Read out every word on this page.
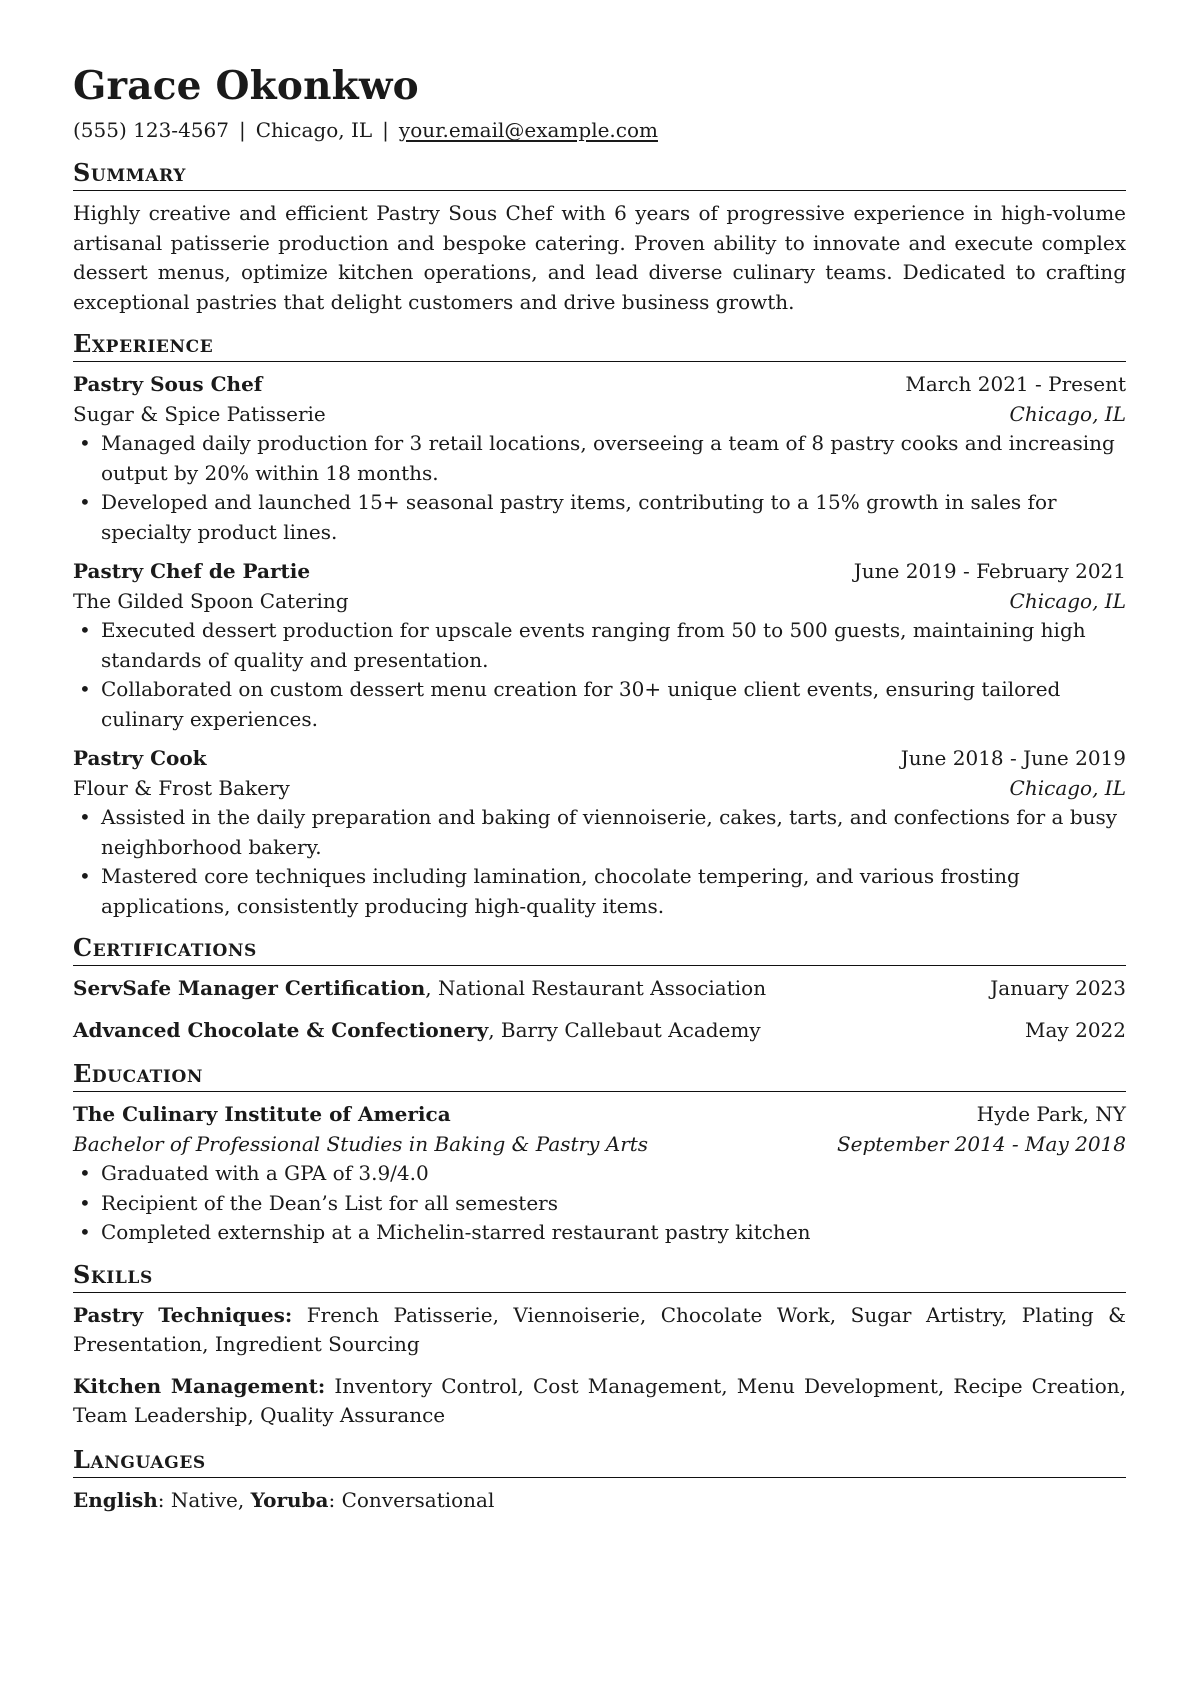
Grace Okonkwo
(555) 123-4567 | Chicago, IL | your.email@example.com
Summary

Highly creative and efficient Pastry Sous Chef with 6 years of progressive experience in high-volume artisanal patisserie production and bespoke catering. Proven ability to innovate and execute complex dessert menus, optimize kitchen operations, and lead diverse culinary teams. Dedicated to crafting exceptional pastries that delight customers and drive business growth.

Experience
Pastry Sous Chef	March 2021 - Present
Sugar & Spice Patisserie	Chicago, IL
• Managed daily production for 3 retail locations, overseeing a team of 8 pastry cooks and increasing output by 20% within 18 months.
• Developed and launched 15+ seasonal pastry items, contributing to a 15% growth in sales for specialty product lines.
Pastry Chef de Partie	June 2019 - February 2021
The Gilded Spoon Catering	Chicago, IL
• Executed dessert production for upscale events ranging from 50 to 500 guests, maintaining high standards of quality and presentation.
• Collaborated on custom dessert menu creation for 30+ unique client events, ensuring tailored culinary experiences.
Pastry Cook	June 2018 - June 2019
Flour & Frost Bakery	Chicago, IL
• Assisted in the daily preparation and baking of viennoiserie, cakes, tarts, and confections for a busy neighborhood bakery.
• Mastered core techniques including lamination, chocolate tempering, and various frosting applications, consistently producing high-quality items.
Certifications
ServSafe Manager Certification, National Restaurant Association	January 2023
Advanced Chocolate & Confectionery, Barry Callebaut Academy	May 2022
Education
The Culinary Institute of America	Hyde Park, NY
Bachelor of Professional Studies in Baking & Pastry Arts	September 2014 - May 2018
• Graduated with a GPA of 3.9/4.0
• Recipient of the Dean’s List for all semesters
• Completed externship at a Michelin-starred restaurant pastry kitchen
Skills

Pastry Techniques: French Patisserie, Viennoiserie, Chocolate Work, Sugar Artistry, Plating & Presentation, Ingredient Sourcing

Kitchen Management: Inventory Control, Cost Management, Menu Development, Recipe Creation, Team Leadership, Quality Assurance

Languages

English: Native, Yoruba: Conversational
